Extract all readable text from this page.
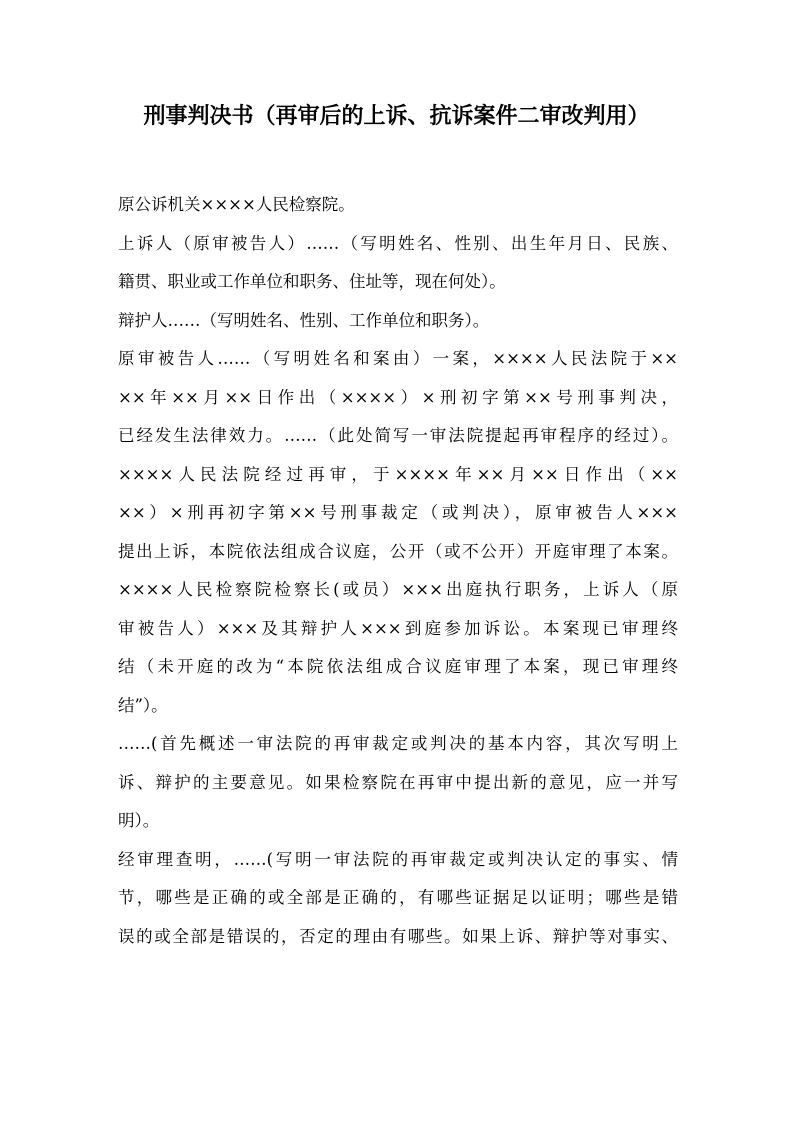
刑事判决书（再审后的上诉、抗诉案件二审改判用）
原公诉机关××××人民检察院。
上诉人（原审被告人）……（写明姓名、性别、出生年月日、民族、
籍贯、职业或工作单位和职务、住址等，现在何处）。
辩护人……（写明姓名、性别、工作单位和职务）。
原审被告人……（写明姓名和案由）一案，××××人民法院于××
××年××月××日作出（××××）×刑初字第××号刑事判决，
已经发生法律效力。……（此处简写一审法院提起再审程序的经过）。
××××人民法院经过再审，于××××年××月××日作出（××
××）×刑再初字第××号刑事裁定（或判决），原审被告人×××
提出上诉，本院依法组成合议庭，公开（或不公开）开庭审理了本案。
××××人民检察院检察长(或员）×××出庭执行职务，上诉人（原
审被告人）×××及其辩护人×××到庭参加诉讼。本案现已审理终
结（未开庭的改为“本院依法组成合议庭审理了本案，现已审理终
结”）。
……(首先概述一审法院的再审裁定或判决的基本内容，其次写明上
诉、辩护的主要意见。如果检察院在再审中提出新的意见，应一并写
明）。
经审理查明，……(写明一审法院的再审裁定或判决认定的事实、情
节，哪些是正确的或全部是正确的，有哪些证据足以证明；哪些是错
误的或全部是错误的，否定的理由有哪些。如果上诉、辩护等对事实、
